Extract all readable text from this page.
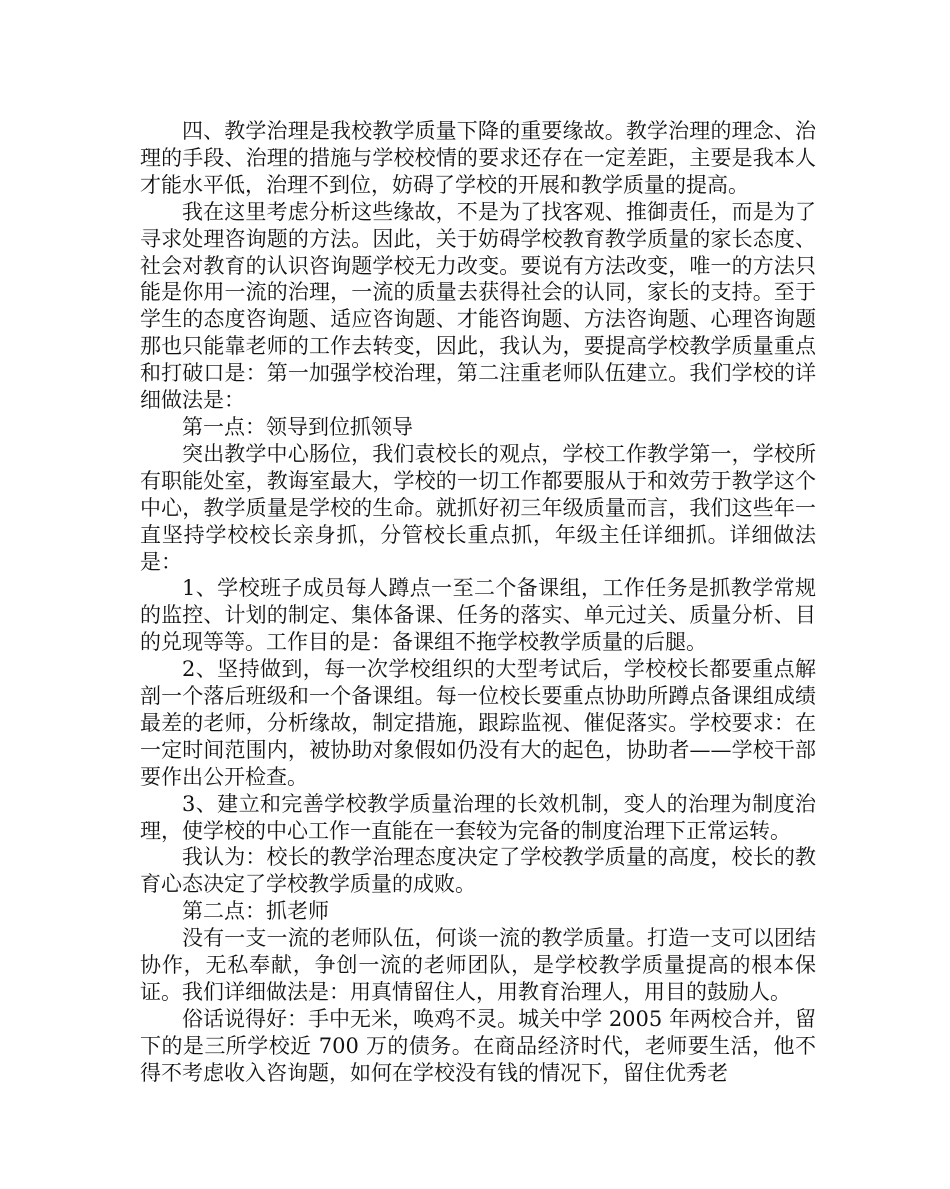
四、教学治理是我校教学质量下降的重要缘故。教学治理的理念、治理的手段、治理的措施与学校校情的要求还存在一定差距，主要是我本人才能水平低，治理不到位，妨碍了学校的开展和教学质量的提高。

我在这里考虑分析这些缘故，不是为了找客观、推御责任，而是为了寻求处理咨询题的方法。因此，关于妨碍学校教育教学质量的家长态度、社会对教育的认识咨询题学校无力改变。要说有方法改变，唯一的方法只能是你用一流的治理，一流的质量去获得社会的认同，家长的支持。至于学生的态度咨询题、适应咨询题、才能咨询题、方法咨询题、心理咨询题那也只能靠老师的工作去转变，因此，我认为，要提高学校教学质量重点和打破口是：第一加强学校治理，第二注重老师队伍建立。我们学校的详细做法是：

第一点：领导到位抓领导

突出教学中心肠位，我们袁校长的观点，学校工作教学第一，学校所有职能处室，教诲室最大，学校的一切工作都要服从于和效劳于教学这个中心，教学质量是学校的生命。就抓好初三年级质量而言，我们这些年一直坚持学校校长亲身抓，分管校长重点抓，年级主任详细抓。详细做法是：

1、学校班子成员每人蹲点一至二个备课组，工作任务是抓教学常规的监控、计划的制定、集体备课、任务的落实、单元过关、质量分析、目的兑现等等。工作目的是：备课组不拖学校教学质量的后腿。

2、坚持做到，每一次学校组织的大型考试后，学校校长都要重点解剖一个落后班级和一个备课组。每一位校长要重点协助所蹲点备课组成绩最差的老师，分析缘故，制定措施，跟踪监视、催促落实。学校要求：在一定时间范围内，被协助对象假如仍没有大的起色，协助者——学校干部要作出公开检查。

3、建立和完善学校教学质量治理的长效机制，变人的治理为制度治理，使学校的中心工作一直能在一套较为完备的制度治理下正常运转。

我认为：校长的教学治理态度决定了学校教学质量的高度，校长的教育心态决定了学校教学质量的成败。

第二点：抓老师

没有一支一流的老师队伍，何谈一流的教学质量。打造一支可以团结协作，无私奉献，争创一流的老师团队，是学校教学质量提高的根本保证。我们详细做法是：用真情留住人，用教育治理人，用目的鼓励人。

俗话说得好：手中无米，唤鸡不灵。城关中学 2005 年两校合并，留下的是三所学校近 700 万的债务。在商品经济时代，老师要生活，他不得不考虑收入咨询题，如何在学校没有钱的情况下，留住优秀老
